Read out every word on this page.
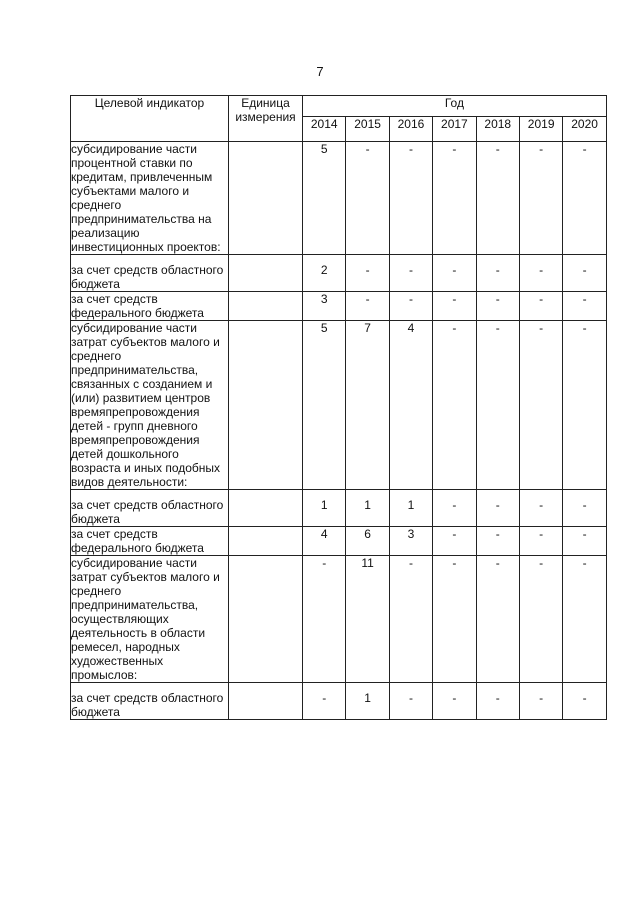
7
Целевой индикатор	Единица измерения	Год						
		2014	2015	2016	2017	2018	2019	2020
субсидирование части процентной ставки по кредитам, привлеченным субъектами малого и среднего предпринимательства на реализацию инвестиционных проектов:		5	-	-	-	-	-	-
за счет средств областного бюджета		2	-	-	-	-	-	-
за счет средств федерального бюджета		3	-	-	-	-	-	-
субсидирование части затрат субъектов малого и среднего предпринимательства, связанных с созданием и (или) развитием центров времяпрепровождения детей - групп дневного времяпрепровождения детей дошкольного возраста и иных подобных видов деятельности:		5	7	4	-	-	-	-
за счет средств областного бюджета		1	1	1	-	-	-	-
за счет средств федерального бюджета		4	6	3	-	-	-	-
субсидирование части затрат субъектов малого и среднего предпринимательства, осуществляющих деятельность в области ремесел, народных художественных промыслов:		-	11	-	-	-	-	-
за счет средств областного бюджета		-	1	-	-	-	-	-
